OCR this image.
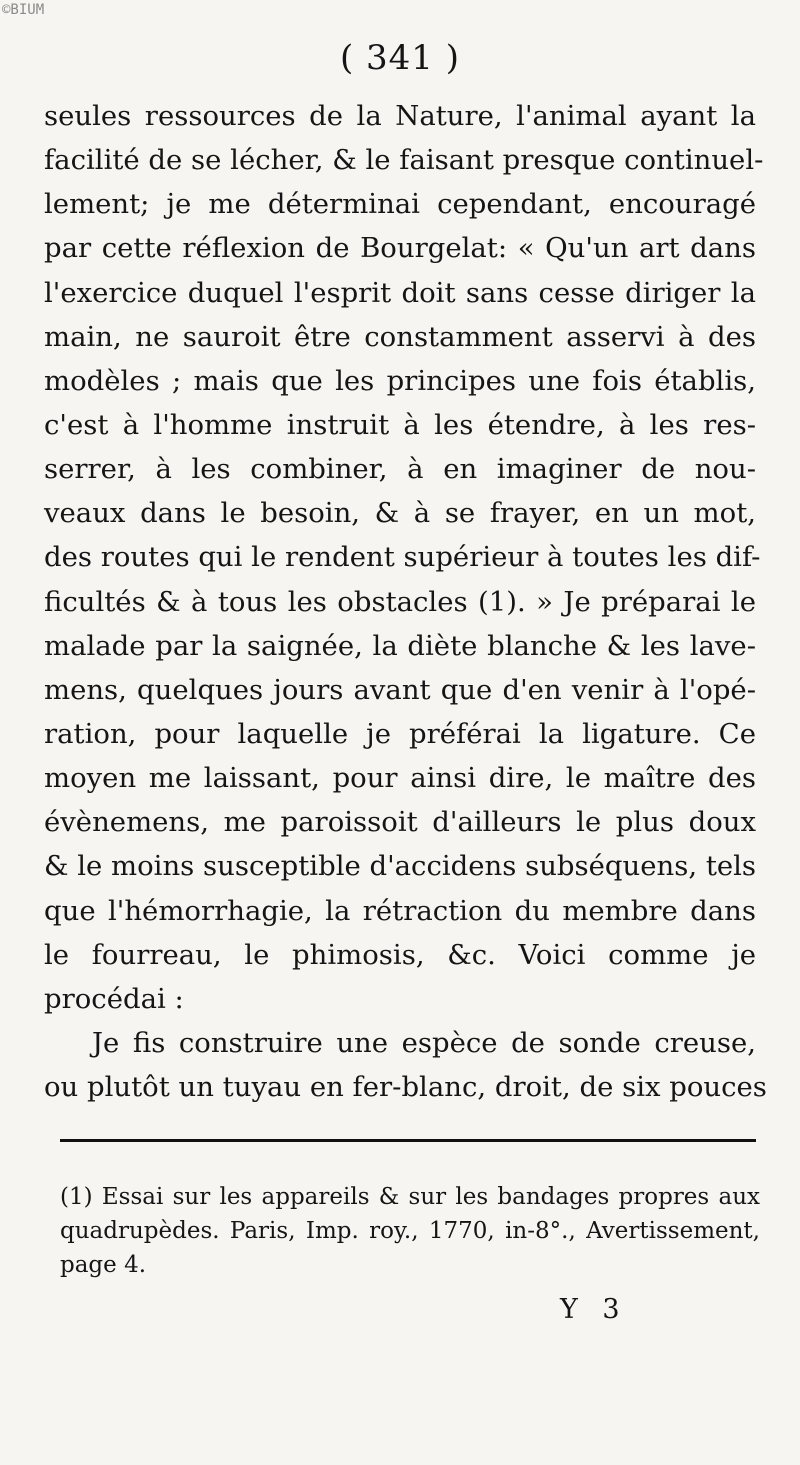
©BIUM
( 341 )
seules ressources de la Nature, l'animal ayant la
facilité de se lécher, & le faisant presque continuel-
lement; je me déterminai cependant, encouragé
par cette réflexion de Bourgelat: « Qu'un art dans
l'exercice duquel l'esprit doit sans cesse diriger la
main, ne sauroit être constamment asservi à des
modèles ; mais que les principes une fois établis,
c'est à l'homme instruit à les étendre, à les res-
serrer, à les combiner, à en imaginer de nou-
veaux dans le besoin, & à se frayer, en un mot,
des routes qui le rendent supérieur à toutes les dif-
ficultés & à tous les obstacles (1). » Je préparai le
malade par la saignée, la diète blanche & les lave-
mens, quelques jours avant que d'en venir à l'opé-
ration, pour laquelle je préférai la ligature. Ce
moyen me laissant, pour ainsi dire, le maître des
évènemens, me paroissoit d'ailleurs le plus doux
& le moins susceptible d'accidens subséquens, tels
que l'hémorrhagie, la rétraction du membre dans
le fourreau, le phimosis, &c. Voici comme je
procédai :
Je fis construire une espèce de sonde creuse,
ou plutôt un tuyau en fer-blanc, droit, de six pouces
(1) Essai sur les appareils & sur les bandages propres aux
quadrupèdes. Paris, Imp. roy., 1770, in-8°., Avertissement,
page 4.
Y 3
